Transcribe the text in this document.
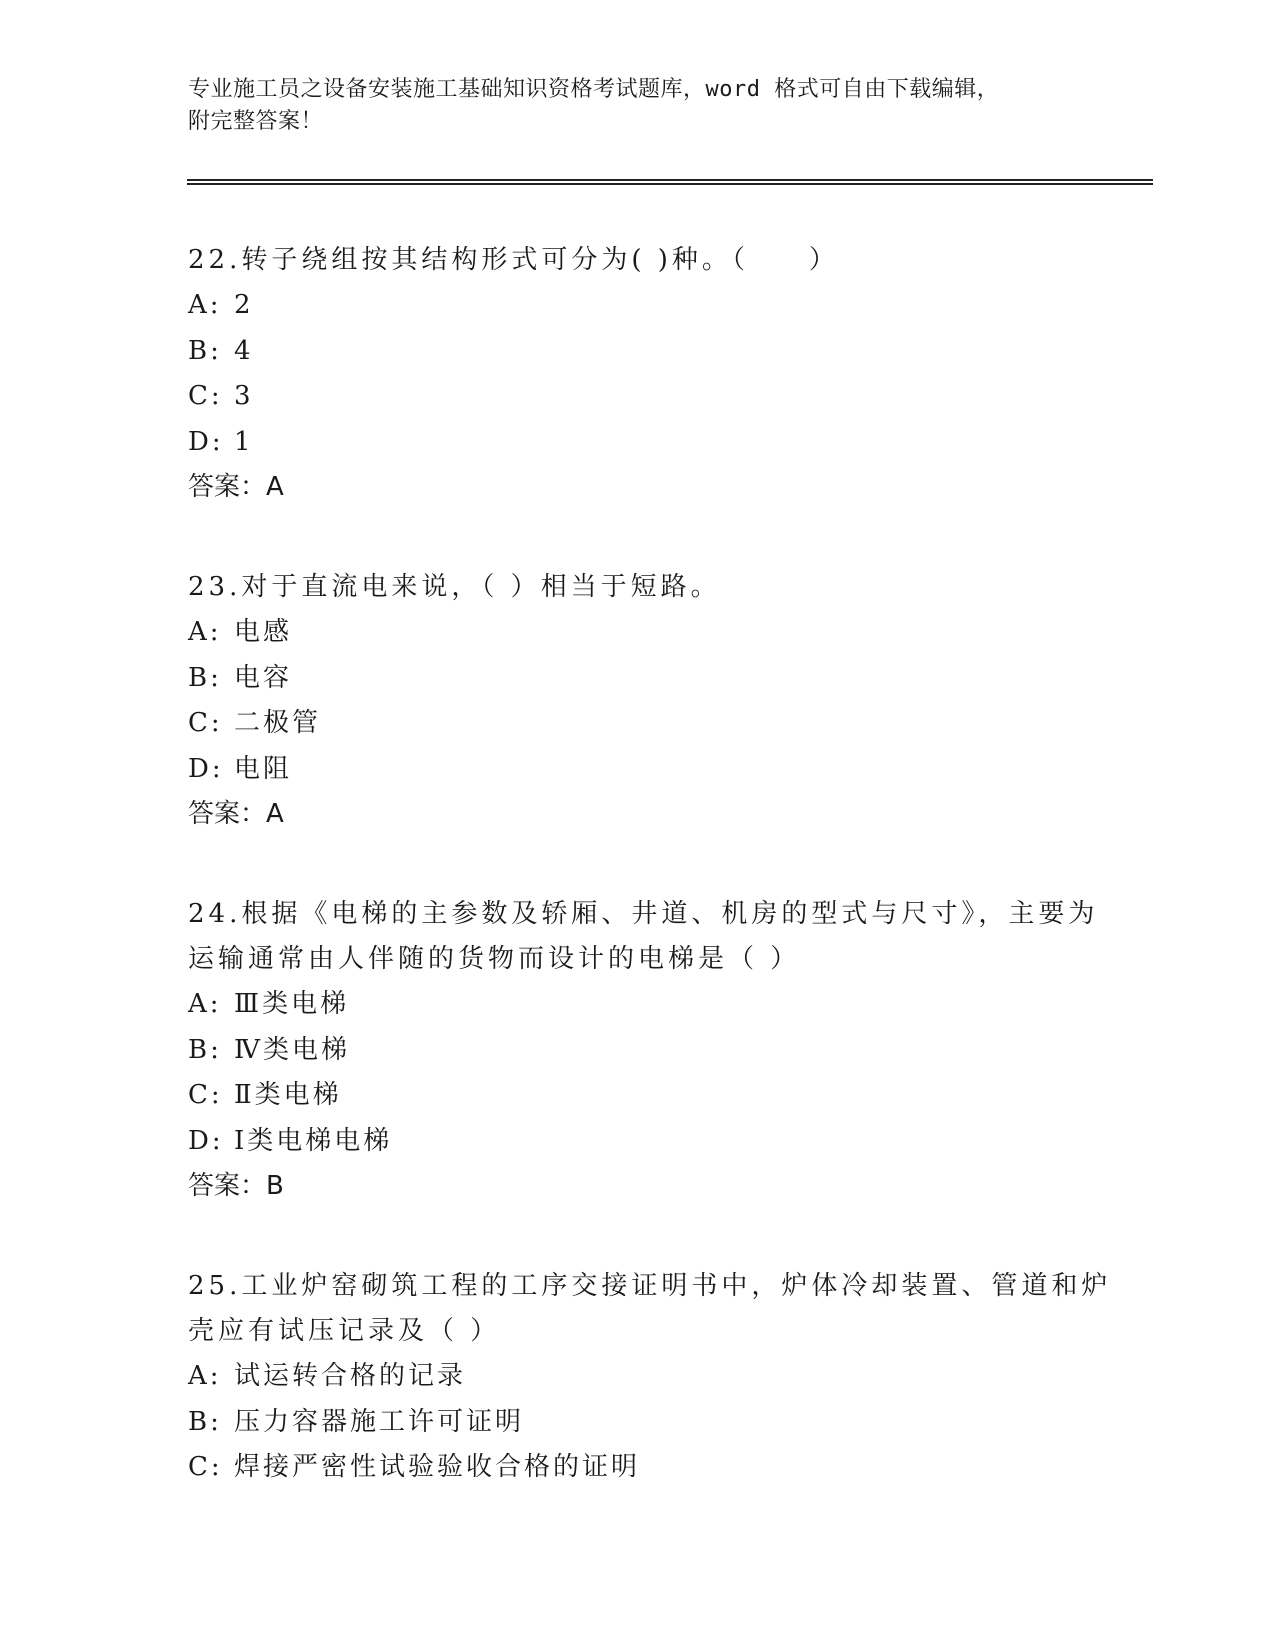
专业施工员之设备安装施工基础知识资格考试题库，word 格式可自由下载编辑，
附完整答案！
22.转子绕组按其结构形式可分为( )种。（　　）
A: 2
B: 4
C: 3
D: 1
答案：A
23.对于直流电来说，（ ）相当于短路。
A: 电感
B: 电容
C: 二极管
D: 电阻
答案：A
24.根据《电梯的主参数及轿厢、井道、机房的型式与尺寸》，主要为
运输通常由人伴随的货物而设计的电梯是（ ）
A: Ⅲ类电梯
B: Ⅳ类电梯
C: Ⅱ类电梯
D: Ⅰ类电梯电梯
答案：B
25.工业炉窑砌筑工程的工序交接证明书中，炉体冷却装置、管道和炉
壳应有试压记录及（ ）
A: 试运转合格的记录
B: 压力容器施工许可证明
C: 焊接严密性试验验收合格的证明
